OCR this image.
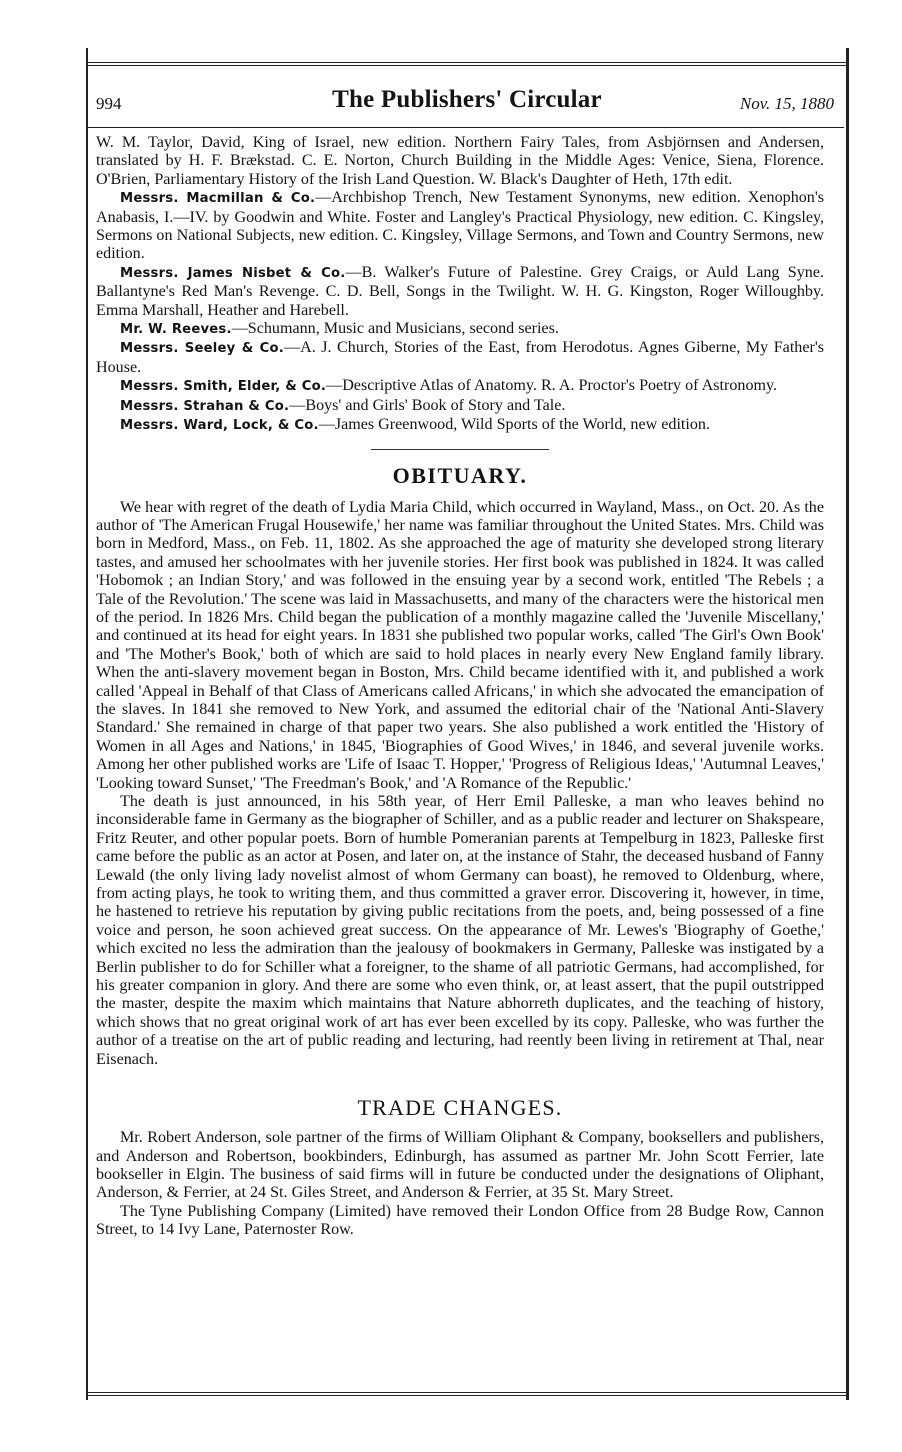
994	The Publishers' Circular	Nov. 15, 1880

W. M. Taylor, David, King of Israel, new edition. Northern Fairy Tales, from Asbjörnsen and Andersen, translated by H. F. Brækstad. C. E. Norton, Church Building in the Middle Ages: Venice, Siena, Florence. O'Brien, Parliamentary History of the Irish Land Question. W. Black's Daughter of Heth, 17th edit.

Messrs. Macmillan & Co.—Archbishop Trench, New Testament Synonyms, new edition. Xenophon's Anabasis, I.—IV. by Goodwin and White. Foster and Langley's Practical Physiology, new edition. C. Kingsley, Sermons on National Subjects, new edition. C. Kingsley, Village Sermons, and Town and Country Sermons, new edition.

Messrs. James Nisbet & Co.—B. Walker's Future of Palestine. Grey Craigs, or Auld Lang Syne. Ballantyne's Red Man's Revenge. C. D. Bell, Songs in the Twilight. W. H. G. Kingston, Roger Willoughby. Emma Marshall, Heather and Harebell.

Mr. W. Reeves.—Schumann, Music and Musicians, second series.

Messrs. Seeley & Co.—A. J. Church, Stories of the East, from Herodotus. Agnes Giberne, My Father's House.

Messrs. Smith, Elder, & Co.—Descriptive Atlas of Anatomy. R. A. Proctor's Poetry of Astronomy.

Messrs. Strahan & Co.—Boys' and Girls' Book of Story and Tale.

Messrs. Ward, Lock, & Co.—James Greenwood, Wild Sports of the World, new edition.

OBITUARY.

We hear with regret of the death of Lydia Maria Child, which occurred in Wayland, Mass., on Oct. 20. As the author of 'The American Frugal Housewife,' her name was familiar throughout the United States. Mrs. Child was born in Medford, Mass., on Feb. 11, 1802. As she approached the age of maturity she developed strong literary tastes, and amused her schoolmates with her juvenile stories. Her first book was published in 1824. It was called 'Hobomok ; an Indian Story,' and was followed in the ensuing year by a second work, entitled 'The Rebels ; a Tale of the Revolution.' The scene was laid in Massachusetts, and many of the characters were the historical men of the period. In 1826 Mrs. Child began the publication of a monthly magazine called the 'Juvenile Miscellany,' and continued at its head for eight years. In 1831 she published two popular works, called 'The Girl's Own Book' and 'The Mother's Book,' both of which are said to hold places in nearly every New England family library. When the anti-slavery movement began in Boston, Mrs. Child became identified with it, and published a work called 'Appeal in Behalf of that Class of Americans called Africans,' in which she advocated the emancipation of the slaves. In 1841 she removed to New York, and assumed the editorial chair of the 'National Anti-Slavery Standard.' She remained in charge of that paper two years. She also published a work entitled the 'History of Women in all Ages and Nations,' in 1845, 'Biographies of Good Wives,' in 1846, and several juvenile works. Among her other published works are 'Life of Isaac T. Hopper,' 'Progress of Religious Ideas,' 'Autumnal Leaves,' 'Looking toward Sunset,' 'The Freedman's Book,' and 'A Romance of the Republic.'

The death is just announced, in his 58th year, of Herr Emil Palleske, a man who leaves behind no inconsiderable fame in Germany as the biographer of Schiller, and as a public reader and lecturer on Shakspeare, Fritz Reuter, and other popular poets. Born of humble Pomeranian parents at Tempelburg in 1823, Palleske first came before the public as an actor at Posen, and later on, at the instance of Stahr, the deceased husband of Fanny Lewald (the only living lady novelist almost of whom Germany can boast), he removed to Oldenburg, where, from acting plays, he took to writing them, and thus committed a graver error. Discovering it, however, in time, he hastened to retrieve his reputation by giving public recitations from the poets, and, being possessed of a fine voice and person, he soon achieved great success. On the appearance of Mr. Lewes's 'Biography of Goethe,' which excited no less the admiration than the jealousy of bookmakers in Germany, Palleske was instigated by a Berlin publisher to do for Schiller what a foreigner, to the shame of all patriotic Germans, had accomplished, for his greater companion in glory. And there are some who even think, or, at least assert, that the pupil outstripped the master, despite the maxim which maintains that Nature abhorreth duplicates, and the teaching of history, which shows that no great original work of art has ever been excelled by its copy. Palleske, who was further the author of a treatise on the art of public reading and lecturing, had reently been living in retirement at Thal, near Eisenach.

TRADE CHANGES.

Mr. Robert Anderson, sole partner of the firms of William Oliphant & Company, booksellers and publishers, and Anderson and Robertson, bookbinders, Edinburgh, has assumed as partner Mr. John Scott Ferrier, late bookseller in Elgin. The business of said firms will in future be conducted under the designations of Oliphant, Anderson, & Ferrier, at 24 St. Giles Street, and Anderson & Ferrier, at 35 St. Mary Street.

The Tyne Publishing Company (Limited) have removed their London Office from 28 Budge Row, Cannon Street, to 14 Ivy Lane, Paternoster Row.
